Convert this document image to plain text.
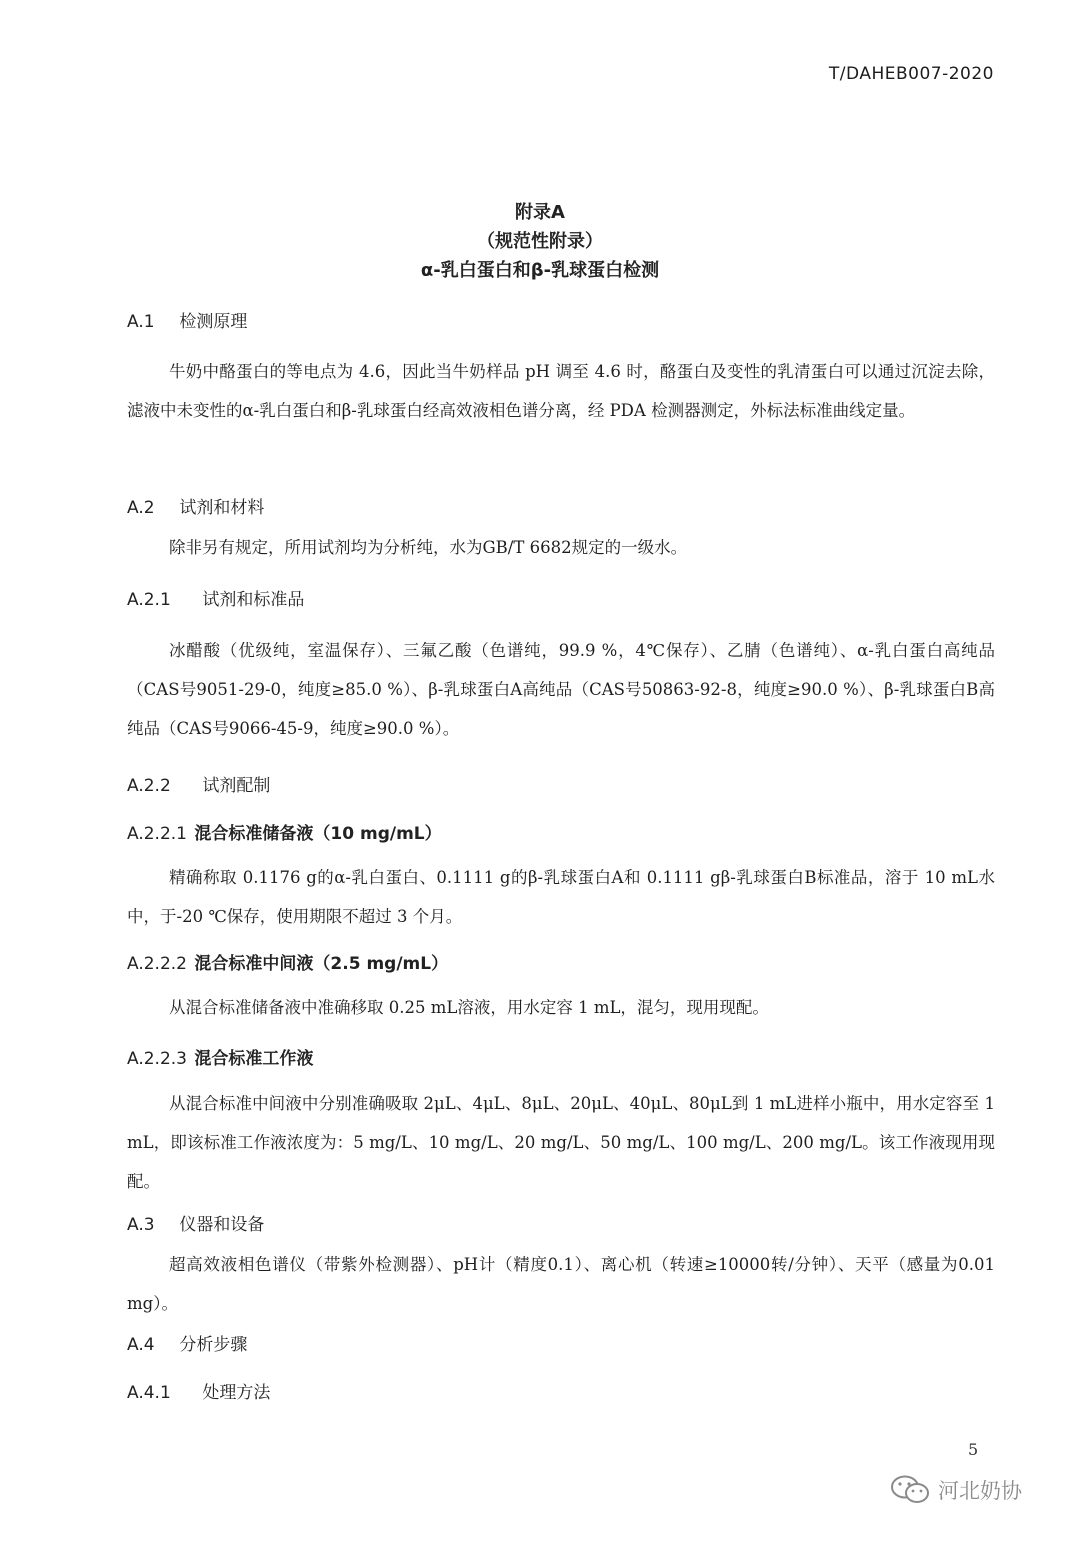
T/DAHEB007-2020
附录A
（规范性附录）
α-乳白蛋白和β-乳球蛋白检测
A.1 检测原理
牛奶中酪蛋白的等电点为 4.6，因此当牛奶样品 pH 调至 4.6 时，酪蛋白及变性的乳清蛋白可以通过沉淀去除，滤液中未变性的α-乳白蛋白和β-乳球蛋白经高效液相色谱分离，经 PDA 检测器测定，外标法标准曲线定量。
A.2 试剂和材料
除非另有规定，所用试剂均为分析纯，水为GB/T 6682规定的一级水。
A.2.1 试剂和标准品
冰醋酸（优级纯，室温保存）、三氟乙酸（色谱纯，99.9 %，4℃保存）、乙腈（色谱纯）、α-乳白蛋白高纯品（CAS号9051-29-0，纯度≥85.0 %）、β-乳球蛋白A高纯品（CAS号50863-92-8，纯度≥90.0 %）、β-乳球蛋白B高纯品（CAS号9066-45-9，纯度≥90.0 %）。
A.2.2 试剂配制
A.2.2.1 混合标准储备液（10 mg/mL）
精确称取 0.1176 g的α-乳白蛋白、0.1111 g的β-乳球蛋白A和 0.1111 gβ-乳球蛋白B标准品，溶于 10 mL水中，于-20 ℃保存，使用期限不超过 3 个月。
A.2.2.2 混合标准中间液（2.5 mg/mL）
从混合标准储备液中准确移取 0.25 mL溶液，用水定容 1 mL，混匀，现用现配。
A.2.2.3 混合标准工作液
从混合标准中间液中分别准确吸取 2μL、4μL、8μL、20μL、40μL、80μL到 1 mL进样小瓶中，用水定容至 1 mL，即该标准工作液浓度为：5 mg/L、10 mg/L、20 mg/L、50 mg/L、100 mg/L、200 mg/L。该工作液现用现配。
A.3 仪器和设备
超高效液相色谱仪（带紫外检测器）、pH计（精度0.1）、离心机（转速≥10000转/分钟）、天平（感量为0.01 mg）。
A.4 分析步骤
A.4.1 处理方法
5
河北奶协
